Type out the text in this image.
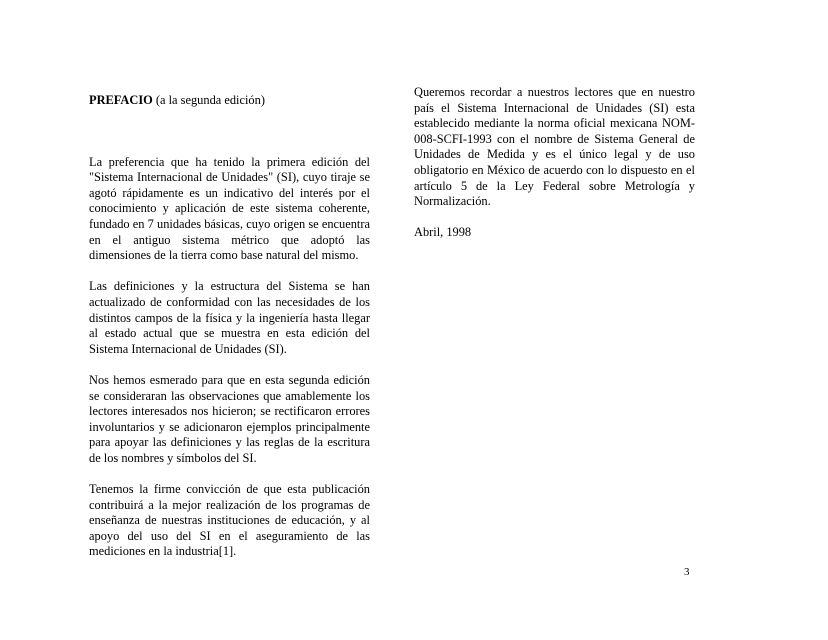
PREFACIO (a la segunda edición)

La preferencia que ha tenido la primera edición del "Sistema Internacional de Unidades" (SI), cuyo tiraje se agotó rápidamente es un indicativo del interés por el conocimiento y aplicación de este sistema coherente, fundado en 7 unidades básicas, cuyo origen se encuentra en el antiguo sistema métrico que adoptó las dimensiones de la tierra como base natural del mismo.

Las definiciones y la estructura del Sistema se han actualizado de conformidad con las necesidades de los distintos campos de la física y la ingeniería hasta llegar al estado actual que se muestra en esta edición del Sistema Internacional de Unidades (SI).

Nos hemos esmerado para que en esta segunda edición se consideraran las observaciones que amablemente los lectores interesados nos hicieron; se rectificaron errores involuntarios y se adicionaron ejemplos principalmente para apoyar las definiciones y las reglas de la escritura de los nombres y símbolos del SI.

Tenemos la firme convicción de que esta publicación contribuirá a la mejor realización de los programas de enseñanza de nuestras instituciones de educación, y al apoyo del uso del SI en el aseguramiento de las mediciones en la industria[1].

Queremos recordar a nuestros lectores que en nuestro país el Sistema Internacional de Unidades (SI) esta establecido mediante la norma oficial mexicana NOM-008-SCFI-1993 con el nombre de Sistema General de Unidades de Medida y es el único legal y de uso obligatorio en México de acuerdo con lo dispuesto en el artículo 5 de la Ley Federal sobre Metrología y Normalización.

Abril, 1998

3
